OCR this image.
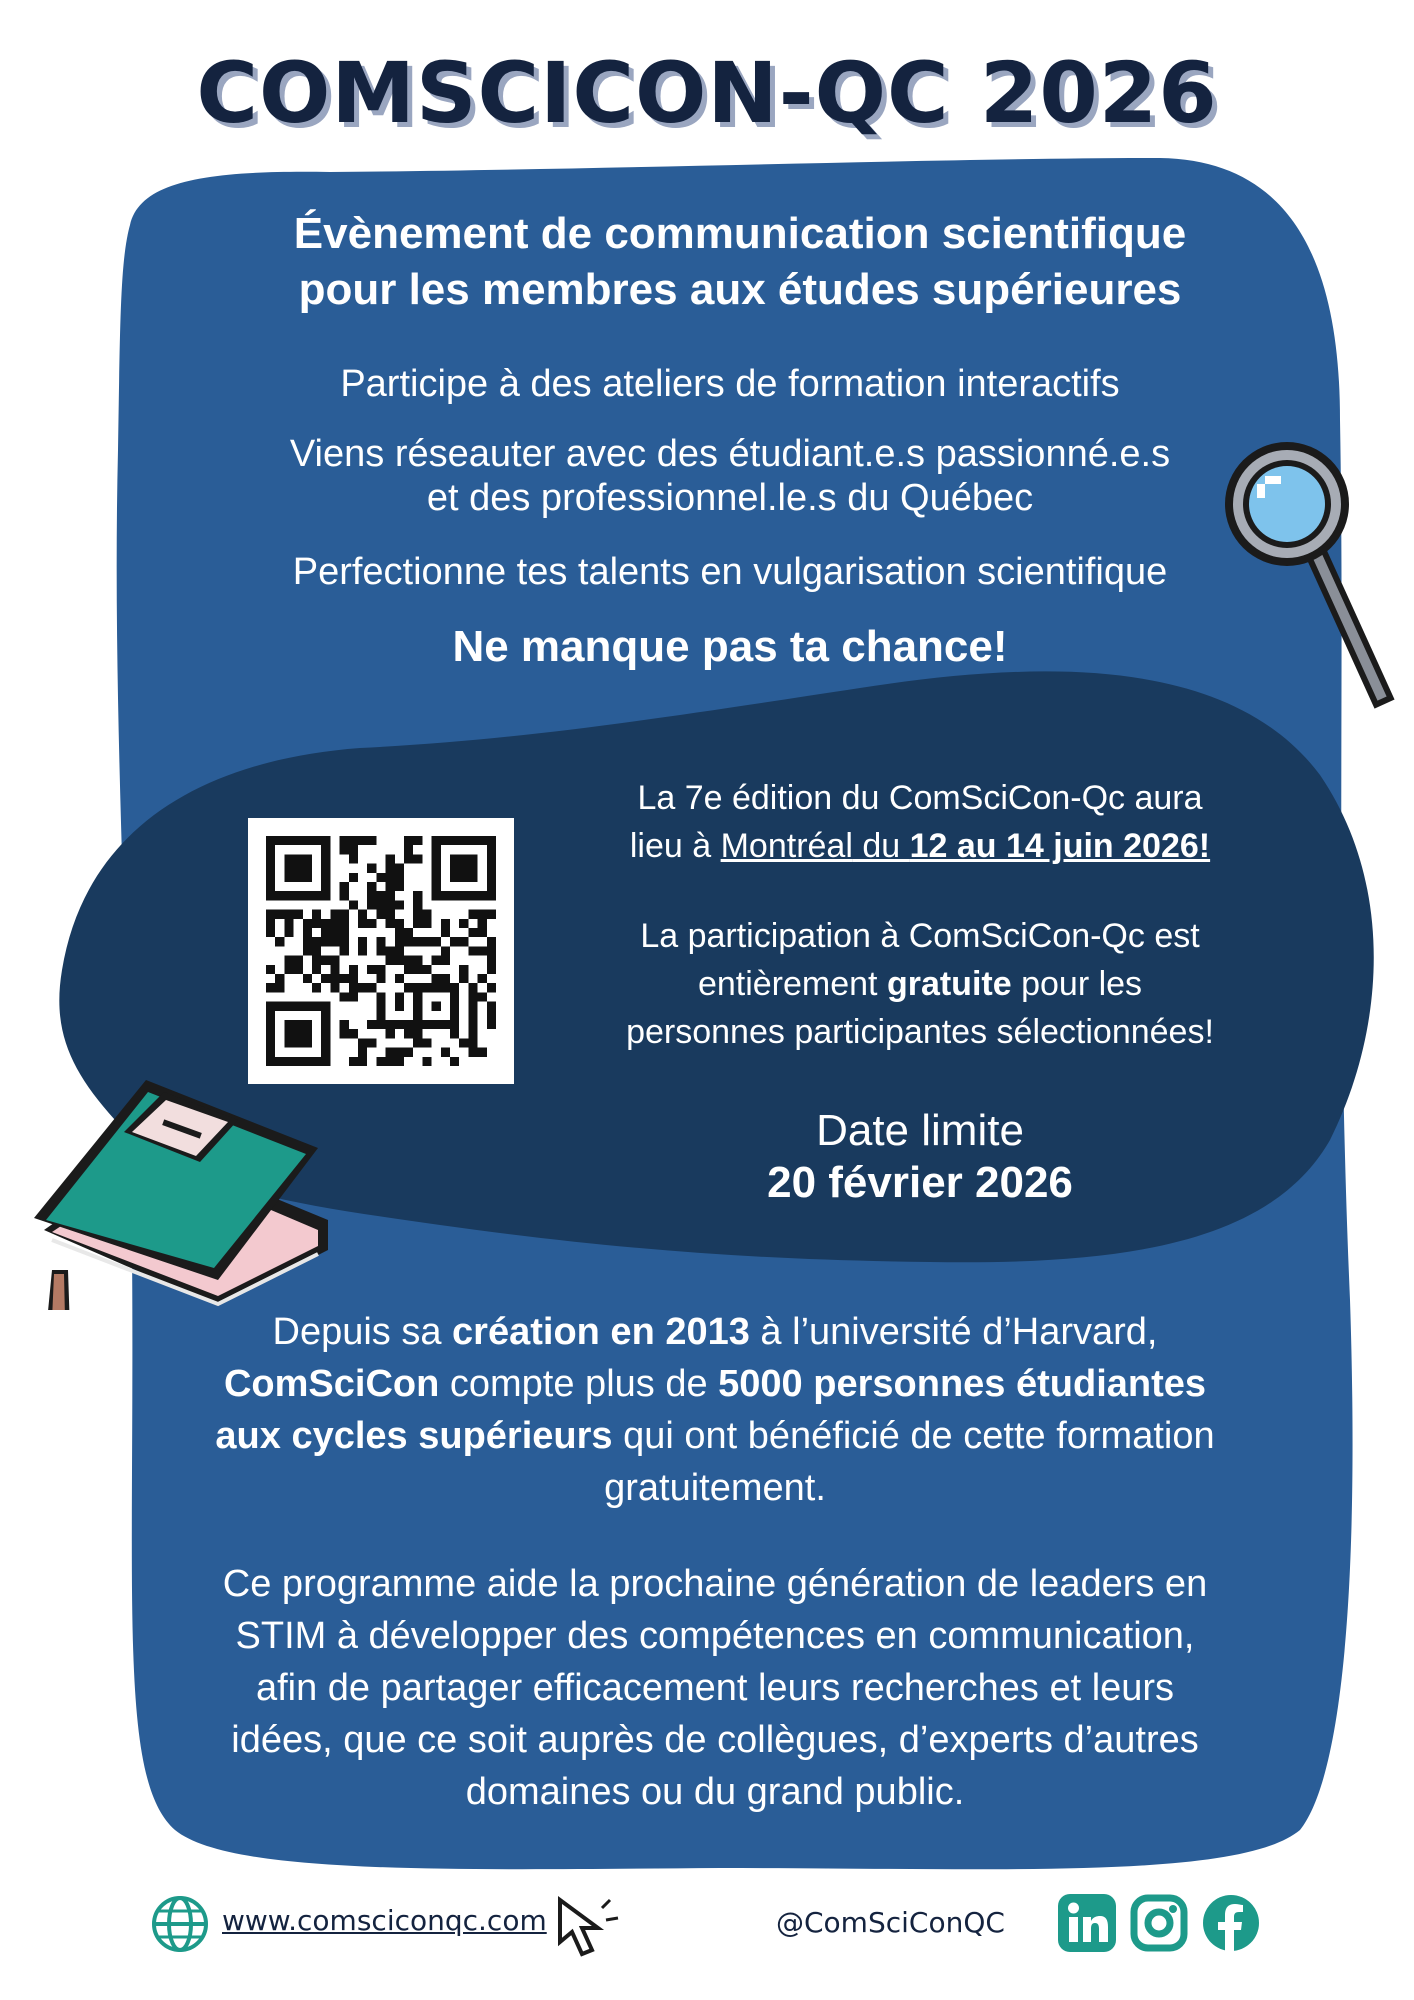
COMSCICON-QC 2026
Évènement de communication scientifique
pour les membres aux études supérieures
Participe à des ateliers de formation interactifs
Viens réseauter avec des étudiant.e.s passionné.e.s
et des professionnel.le.s du Québec
Perfectionne tes talents en vulgarisation scientifique
Ne manque pas ta chance!
La 7e édition du ComSciCon-Qc aura
lieu à Montréal du 12 au 14 juin 2026!
La participation à ComSciCon-Qc est
entièrement gratuite pour les
personnes participantes sélectionnées!
Date limite
20 février 2026
Depuis sa création en 2013 à l’université d’Harvard,
ComSciCon compte plus de 5000 personnes étudiantes
aux cycles supérieurs qui ont bénéficié de cette formation
gratuitement.
Ce programme aide la prochaine génération de leaders en
STIM à développer des compétences en communication,
afin de partager efficacement leurs recherches et leurs
idées, que ce soit auprès de collègues, d’experts d’autres
domaines ou du grand public.
www.comsciconqc.com	@ComSciConQC
